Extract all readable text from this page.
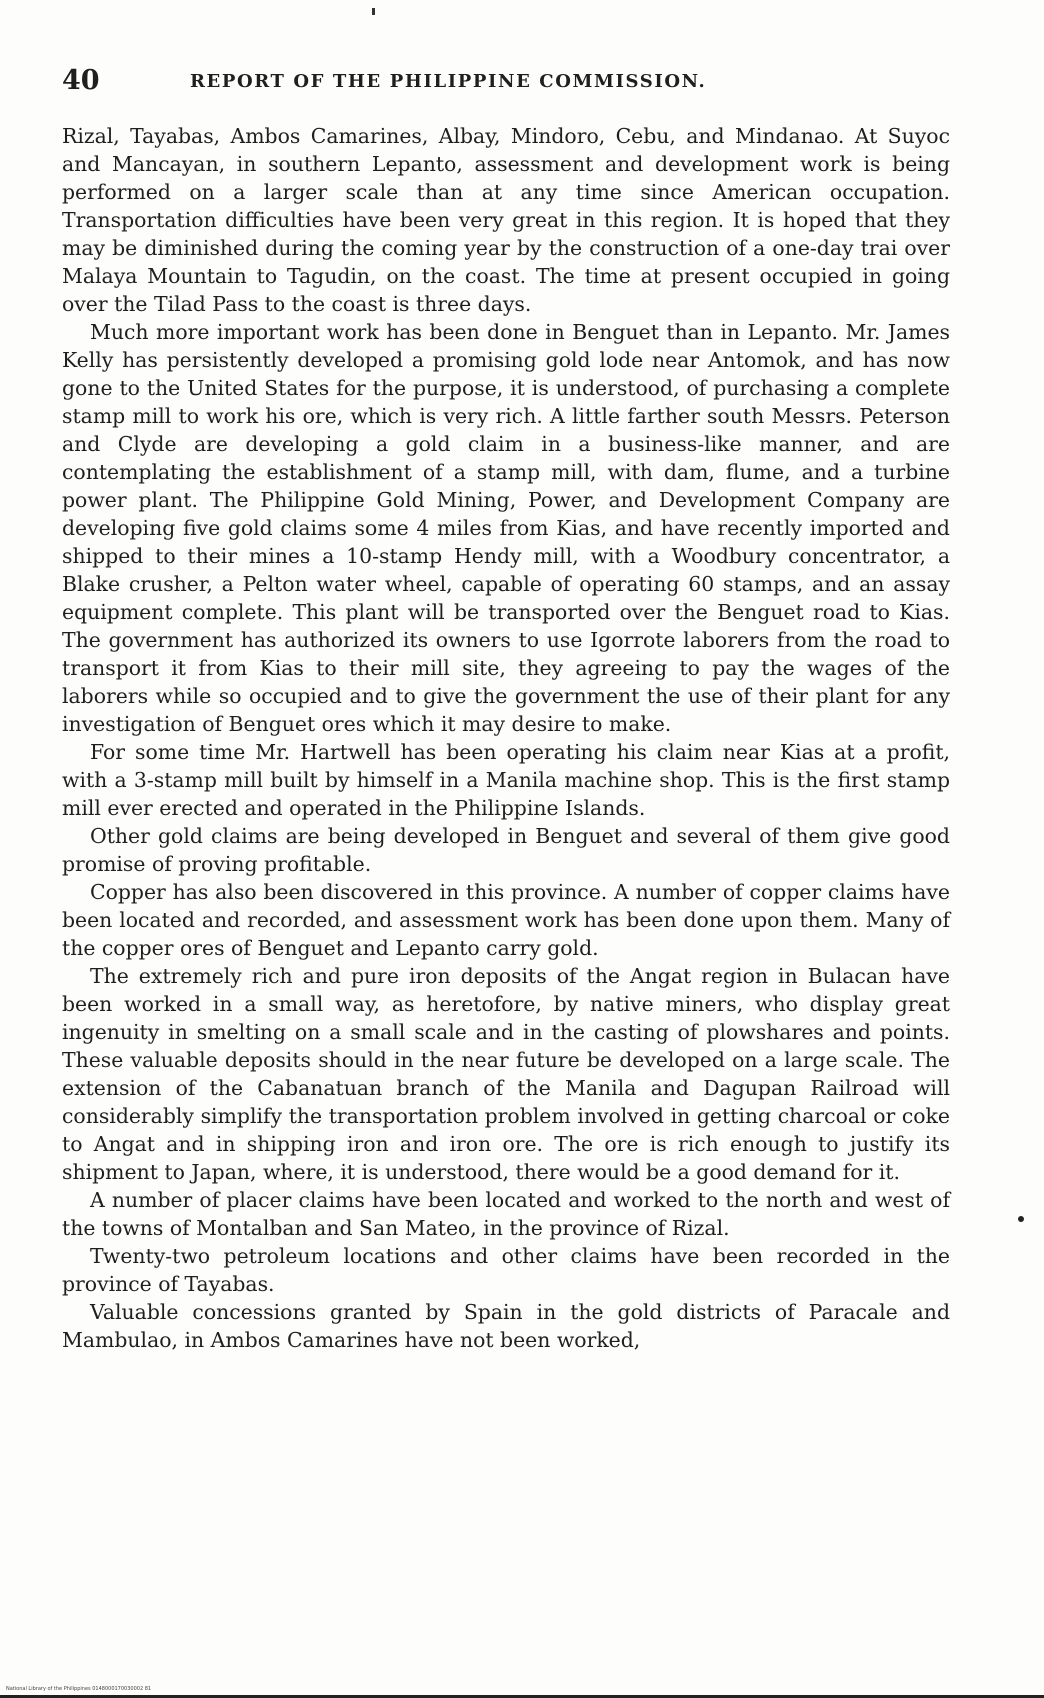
40	REPORT OF THE PHILIPPINE COMMISSION.

Rizal, Tayabas, Ambos Camarines, Albay, Mindoro, Cebu, and Mindanao. At Suyoc and Mancayan, in southern Lepanto, assessment and development work is being performed on a larger scale than at any time since American occupation. Transportation difficulties have been very great in this region. It is hoped that they may be diminished during the coming year by the construction of a one-day trai over Malaya Mountain to Tagudin, on the coast. The time at present occupied in going over the Tilad Pass to the coast is three days.

Much more important work has been done in Benguet than in Lepanto. Mr. James Kelly has persistently developed a promising gold lode near Antomok, and has now gone to the United States for the purpose, it is understood, of purchasing a complete stamp mill to work his ore, which is very rich. A little farther south Messrs. Peterson and Clyde are developing a gold claim in a business-like manner, and are contemplating the establishment of a stamp mill, with dam, flume, and a turbine power plant. The Philippine Gold Mining, Power, and Development Company are developing five gold claims some 4 miles from Kias, and have recently imported and shipped to their mines a 10-stamp Hendy mill, with a Woodbury concentrator, a Blake crusher, a Pelton water wheel, capable of operating 60 stamps, and an assay equipment complete. This plant will be transported over the Benguet road to Kias. The government has authorized its owners to use Igorrote laborers from the road to transport it from Kias to their mill site, they agreeing to pay the wages of the laborers while so occupied and to give the government the use of their plant for any investigation of Benguet ores which it may desire to make.

For some time Mr. Hartwell has been operating his claim near Kias at a profit, with a 3-stamp mill built by himself in a Manila machine shop. This is the first stamp mill ever erected and operated in the Philippine Islands.

Other gold claims are being developed in Benguet and several of them give good promise of proving profitable.

Copper has also been discovered in this province. A number of copper claims have been located and recorded, and assessment work has been done upon them. Many of the copper ores of Benguet and Lepanto carry gold.

The extremely rich and pure iron deposits of the Angat region in Bulacan have been worked in a small way, as heretofore, by native miners, who display great ingenuity in smelting on a small scale and in the casting of plowshares and points. These valuable deposits should in the near future be developed on a large scale. The extension of the Cabanatuan branch of the Manila and Dagupan Railroad will considerably simplify the transportation problem involved in getting charcoal or coke to Angat and in shipping iron and iron ore. The ore is rich enough to justify its shipment to Japan, where, it is understood, there would be a good demand for it.

A number of placer claims have been located and worked to the north and west of the towns of Montalban and San Mateo, in the province of Rizal.

Twenty-two petroleum locations and other claims have been recorded in the province of Tayabas.

Valuable concessions granted by Spain in the gold districts of Paracale and Mambulao, in Ambos Camarines have not been worked,

National Library of the Philippines 0148000170030002 81
